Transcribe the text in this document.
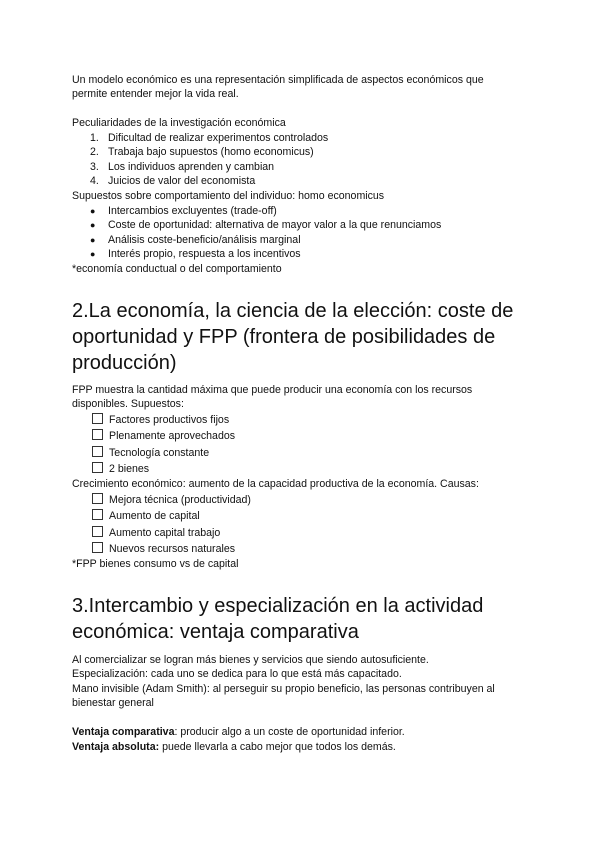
Un modelo económico es una representación simplificada de aspectos económicos que

permite entender mejor la vida real.

Peculiaridades de la investigación económica

1. Dificultad de realizar experimentos controlados

2. Trabaja bajo supuestos (homo economicus)

3. Los individuos aprenden y cambian

4. Juicios de valor del economista

Supuestos sobre comportamiento del individuo: homo economicus

● Intercambios excluyentes (trade-off)

● Coste de oportunidad: alternativa de mayor valor a la que renunciamos

● Análisis coste-beneficio/análisis marginal

● Interés propio, respuesta a los incentivos

*economía conductual o del comportamiento

2.La economía, la ciencia de la elección: coste de
oportunidad y FPP (frontera de posibilidades de
producción)

FPP muestra la cantidad máxima que puede producir una economía con los recursos

disponibles. Supuestos:

Factores productivos fijos

Plenamente aprovechados

Tecnología constante

2 bienes

Crecimiento económico: aumento de la capacidad productiva de la economía. Causas:

Mejora técnica (productividad)

Aumento de capital

Aumento capital trabajo

Nuevos recursos naturales

*FPP bienes consumo vs de capital

3.Intercambio y especialización en la actividad
económica: ventaja comparativa

Al comercializar se logran más bienes y servicios que siendo autosuficiente.

Especialización: cada uno se dedica para lo que está más capacitado.

Mano invisible (Adam Smith): al perseguir su propio beneficio, las personas contribuyen al

bienestar general

Ventaja comparativa: producir algo a un coste de oportunidad inferior.

Ventaja absoluta: puede llevarla a cabo mejor que todos los demás.
